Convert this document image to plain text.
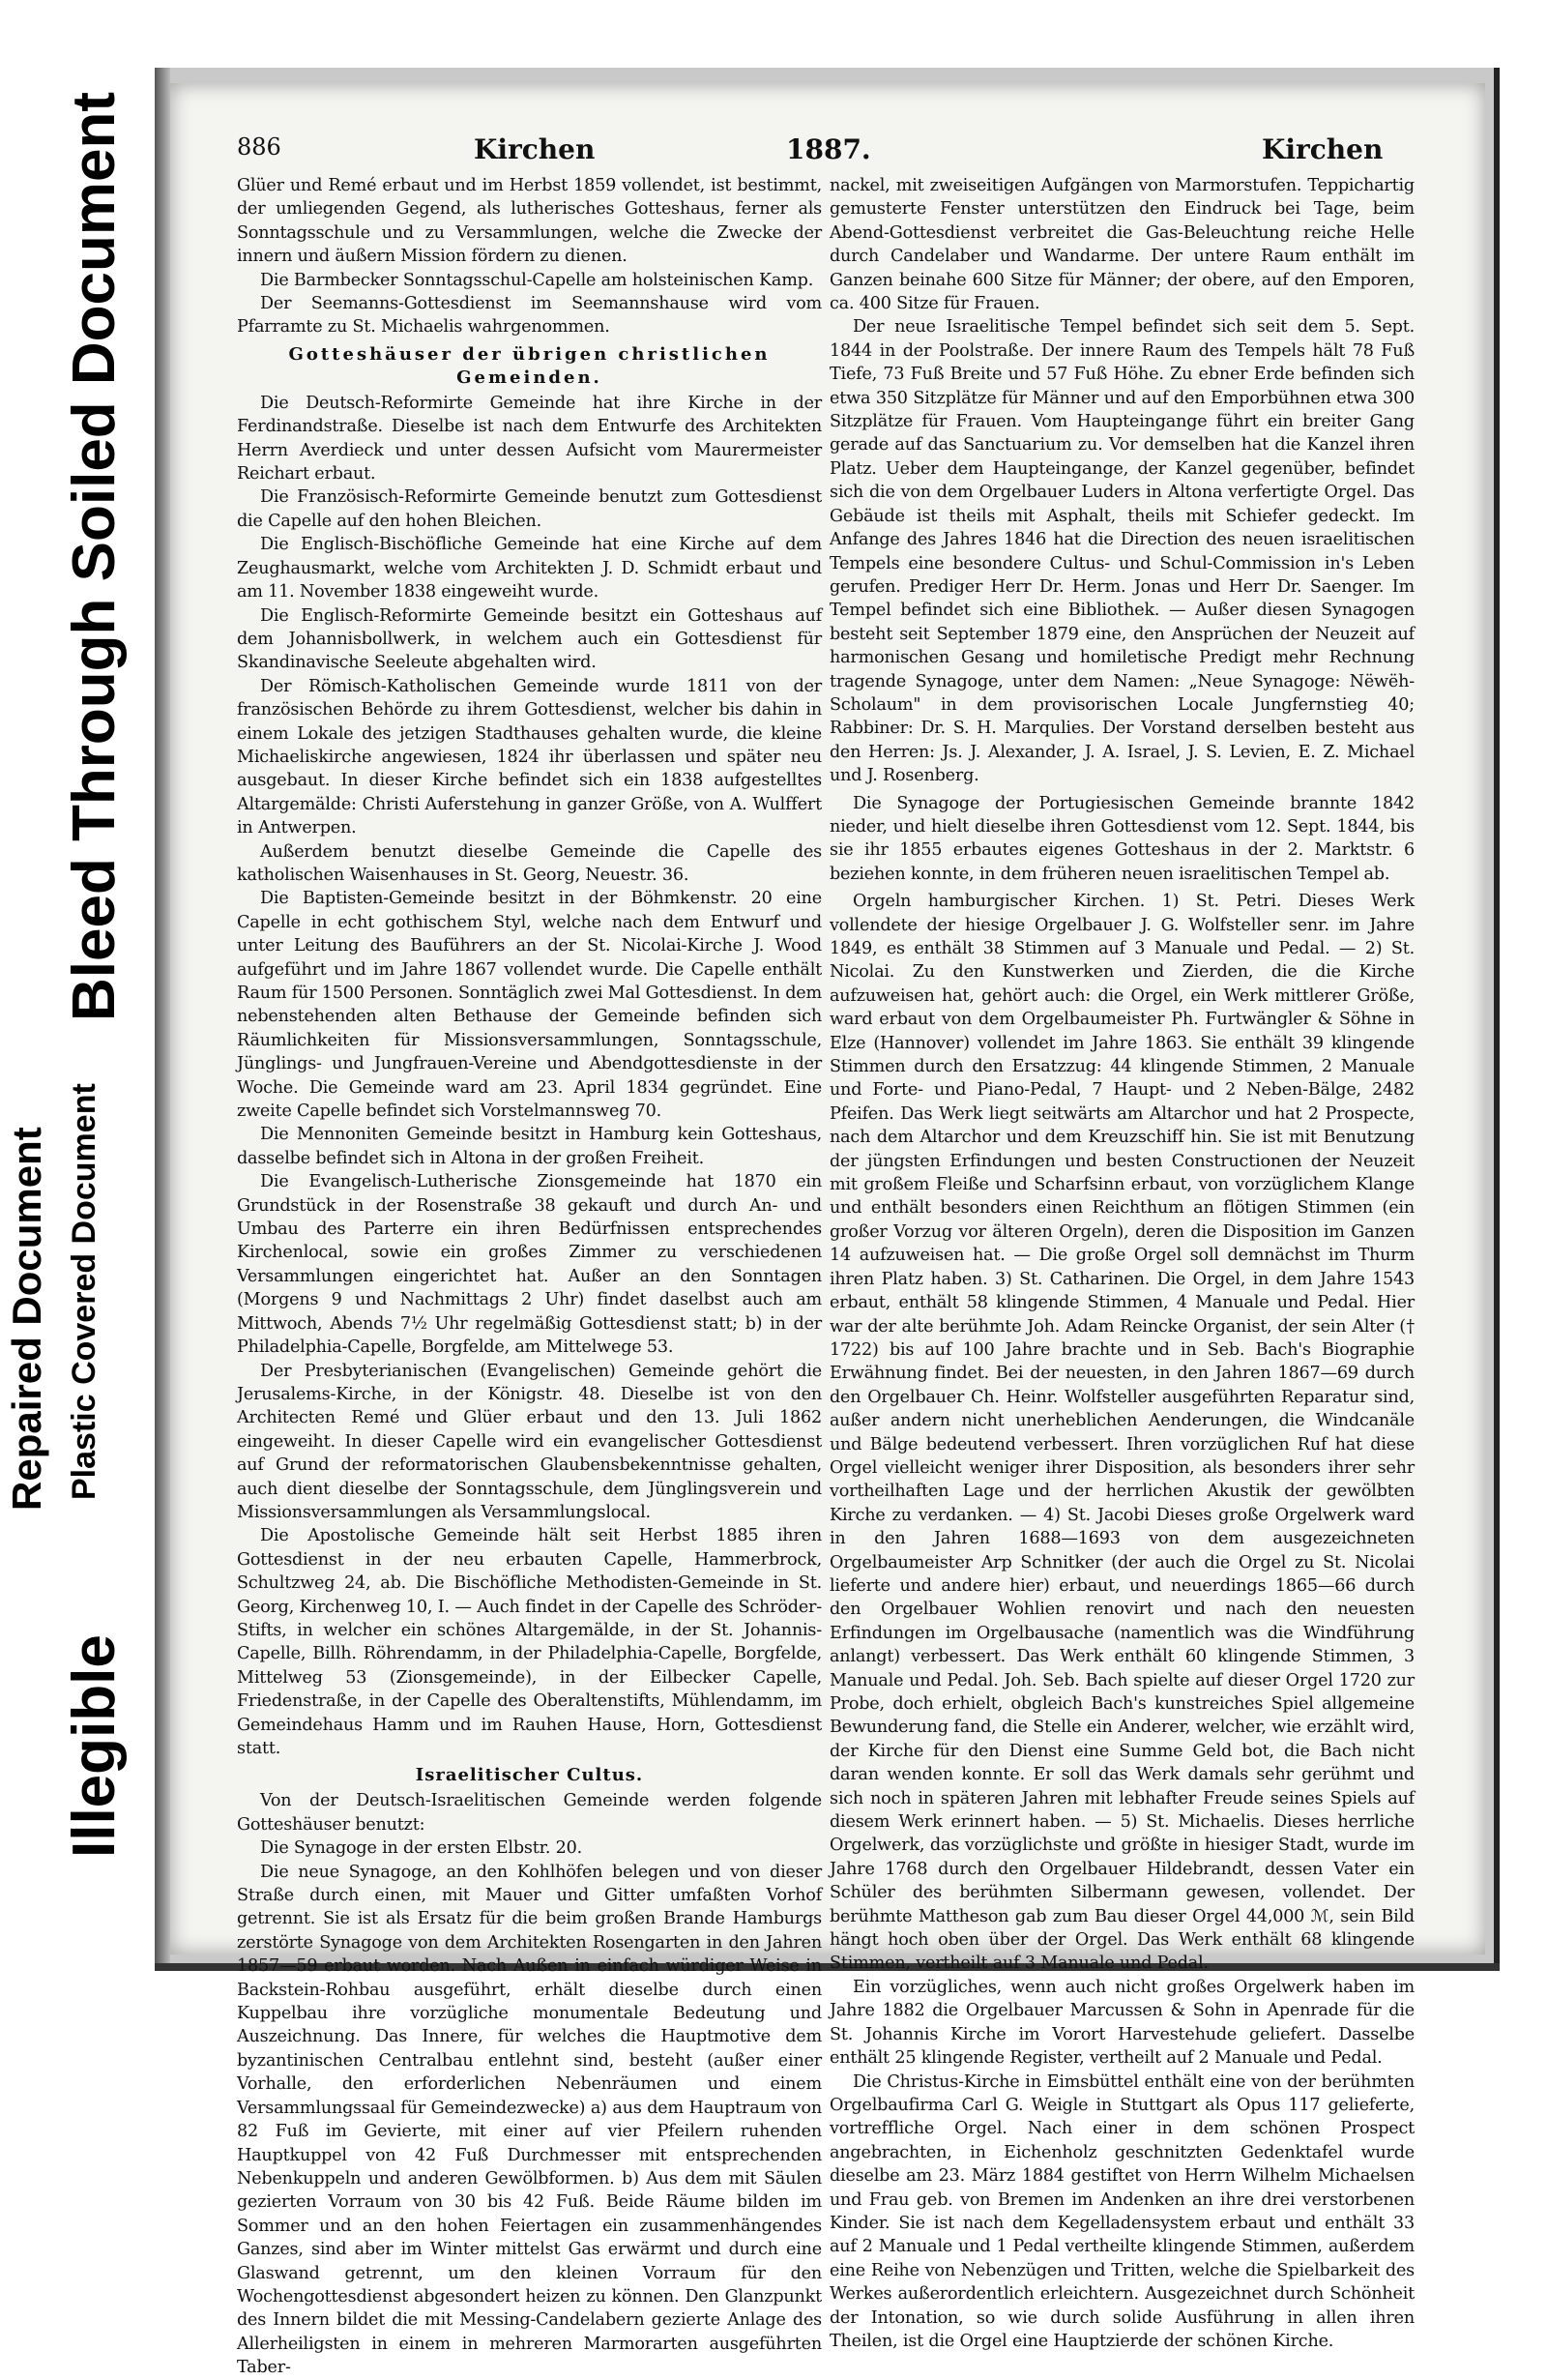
Repaired Document
Bleed Through Soiled Document
Illegible
Plastic Covered Document
886	Kirchen	1887.	Kirchen

Glüer und Remé erbaut und im Herbst 1859 vollendet, ist bestimmt, der umliegenden Gegend, als lutherisches Gotteshaus, ferner als Sonntagsschule und zu Versammlungen, welche die Zwecke der innern und äußern Mission fördern zu dienen.

Die Barmbecker Sonntagsschul-Capelle am holsteinischen Kamp.

Der Seemanns-Gottesdienst im Seemannshause wird vom Pfarramte zu St. Michaelis wahrgenommen.

Gotteshäuser der übrigen christlichen Gemeinden.

Die Deutsch-Reformirte Gemeinde hat ihre Kirche in der Ferdinandstraße. Dieselbe ist nach dem Entwurfe des Architekten Herrn Averdieck und unter dessen Aufsicht vom Maurermeister Reichart erbaut.

Die Französisch-Reformirte Gemeinde benutzt zum Gottesdienst die Capelle auf den hohen Bleichen.

Die Englisch-Bischöfliche Gemeinde hat eine Kirche auf dem Zeughausmarkt, welche vom Architekten J. D. Schmidt erbaut und am 11. November 1838 eingeweiht wurde.

Die Englisch-Reformirte Gemeinde besitzt ein Gotteshaus auf dem Johannisbollwerk, in welchem auch ein Gottesdienst für Skandinavische Seeleute abgehalten wird.

Der Römisch-Katholischen Gemeinde wurde 1811 von der französischen Behörde zu ihrem Gottesdienst, welcher bis dahin in einem Lokale des jetzigen Stadthauses gehalten wurde, die kleine Michaeliskirche angewiesen, 1824 ihr überlassen und später neu ausgebaut. In dieser Kirche befindet sich ein 1838 aufgestelltes Altargemälde: Christi Auferstehung in ganzer Größe, von A. Wulffert in Antwerpen.

Außerdem benutzt dieselbe Gemeinde die Capelle des katholischen Waisenhauses in St. Georg, Neuestr. 36.

Die Baptisten-Gemeinde besitzt in der Böhmkenstr. 20 eine Capelle in echt gothischem Styl, welche nach dem Entwurf und unter Leitung des Bauführers an der St. Nicolai-Kirche J. Wood aufgeführt und im Jahre 1867 vollendet wurde. Die Capelle enthält Raum für 1500 Personen. Sonntäglich zwei Mal Gottesdienst. In dem nebenstehenden alten Bethause der Gemeinde befinden sich Räumlichkeiten für Missionsversammlungen, Sonntagsschule, Jünglings- und Jungfrauen-Vereine und Abendgottesdienste in der Woche. Die Gemeinde ward am 23. April 1834 gegründet. Eine zweite Capelle befindet sich Vorstelmannsweg 70.

Die Mennoniten Gemeinde besitzt in Hamburg kein Gotteshaus, dasselbe befindet sich in Altona in der großen Freiheit.

Die Evangelisch-Lutherische Zionsgemeinde hat 1870 ein Grundstück in der Rosenstraße 38 gekauft und durch An- und Umbau des Parterre ein ihren Bedürfnissen entsprechendes Kirchenlocal, sowie ein großes Zimmer zu verschiedenen Versammlungen eingerichtet hat. Außer an den Sonntagen (Morgens 9 und Nachmittags 2 Uhr) findet daselbst auch am Mittwoch, Abends 7½ Uhr regelmäßig Gottesdienst statt; b) in der Philadelphia-Capelle, Borgfelde, am Mittelwege 53.

Der Presbyterianischen (Evangelischen) Gemeinde gehört die Jerusalems-Kirche, in der Königstr. 48. Dieselbe ist von den Architecten Remé und Glüer erbaut und den 13. Juli 1862 eingeweiht. In dieser Capelle wird ein evangelischer Gottesdienst auf Grund der reformatorischen Glaubensbekenntnisse gehalten, auch dient dieselbe der Sonntagsschule, dem Jünglingsverein und Missionsversammlungen als Versammlungslocal.

Die Apostolische Gemeinde hält seit Herbst 1885 ihren Gottesdienst in der neu erbauten Capelle, Hammerbrock, Schultzweg 24, ab. Die Bischöfliche Methodisten-Gemeinde in St. Georg, Kirchenweg 10, I. — Auch findet in der Capelle des Schröder-Stifts, in welcher ein schönes Altargemälde, in der St. Johannis-Capelle, Billh. Röhrendamm, in der Philadelphia-Capelle, Borgfelde, Mittelweg 53 (Zionsgemeinde), in der Eilbecker Capelle, Friedenstraße, in der Capelle des Oberaltenstifts, Mühlendamm, im Gemeindehaus Hamm und im Rauhen Hause, Horn, Gottesdienst statt.

Israelitischer Cultus.

Von der Deutsch-Israelitischen Gemeinde werden folgende Gotteshäuser benutzt:

Die Synagoge in der ersten Elbstr. 20.

Die neue Synagoge, an den Kohlhöfen belegen und von dieser Straße durch einen, mit Mauer und Gitter umfaßten Vorhof getrennt. Sie ist als Ersatz für die beim großen Brande Hamburgs zerstörte Synagoge von dem Architekten Rosengarten in den Jahren 1857—59 erbaut worden. Nach Außen in einfach würdiger Weise in Backstein-Rohbau ausgeführt, erhält dieselbe durch einen Kuppelbau ihre vorzügliche monumentale Bedeutung und Auszeichnung. Das Innere, für welches die Hauptmotive dem byzantinischen Centralbau entlehnt sind, besteht (außer einer Vorhalle, den erforderlichen Nebenräumen und einem Versammlungssaal für Gemeindezwecke) a) aus dem Hauptraum von 82 Fuß im Gevierte, mit einer auf vier Pfeilern ruhenden Hauptkuppel von 42 Fuß Durchmesser mit entsprechenden Nebenkuppeln und anderen Gewölbformen. b) Aus dem mit Säulen gezierten Vorraum von 30 bis 42 Fuß. Beide Räume bilden im Sommer und an den hohen Feiertagen ein zusammenhängendes Ganzes, sind aber im Winter mittelst Gas erwärmt und durch eine Glaswand getrennt, um den kleinen Vorraum für den Wochengottesdienst abgesondert heizen zu können. Den Glanzpunkt des Innern bildet die mit Messing-Candelabern gezierte Anlage des Allerheiligsten in einem in mehreren Marmorarten ausgeführten Taber-

nackel, mit zweiseitigen Aufgängen von Marmorstufen. Teppichartig gemusterte Fenster unterstützen den Eindruck bei Tage, beim Abend-Gottesdienst verbreitet die Gas-Beleuchtung reiche Helle durch Candelaber und Wandarme. Der untere Raum enthält im Ganzen beinahe 600 Sitze für Männer; der obere, auf den Emporen, ca. 400 Sitze für Frauen.

Der neue Israelitische Tempel befindet sich seit dem 5. Sept. 1844 in der Poolstraße. Der innere Raum des Tempels hält 78 Fuß Tiefe, 73 Fuß Breite und 57 Fuß Höhe. Zu ebner Erde befinden sich etwa 350 Sitzplätze für Männer und auf den Emporbühnen etwa 300 Sitzplätze für Frauen. Vom Haupteingange führt ein breiter Gang gerade auf das Sanctuarium zu. Vor demselben hat die Kanzel ihren Platz. Ueber dem Haupteingange, der Kanzel gegenüber, befindet sich die von dem Orgelbauer Luders in Altona verfertigte Orgel. Das Gebäude ist theils mit Asphalt, theils mit Schiefer gedeckt. Im Anfange des Jahres 1846 hat die Direction des neuen israelitischen Tempels eine besondere Cultus- und Schul-Commission in's Leben gerufen. Prediger Herr Dr. Herm. Jonas und Herr Dr. Saenger. Im Tempel befindet sich eine Bibliothek. — Außer diesen Synagogen besteht seit September 1879 eine, den Ansprüchen der Neuzeit auf harmonischen Gesang und homiletische Predigt mehr Rechnung tragende Synagoge, unter dem Namen: „Neue Synagoge: Nëwëh-Scholaum" in dem provisorischen Locale Jungfernstieg 40; Rabbiner: Dr. S. H. Marqulies. Der Vorstand derselben besteht aus den Herren: Js. J. Alexander, J. A. Israel, J. S. Levien, E. Z. Michael und J. Rosenberg.

Die Synagoge der Portugiesischen Gemeinde brannte 1842 nieder, und hielt dieselbe ihren Gottesdienst vom 12. Sept. 1844, bis sie ihr 1855 erbautes eigenes Gotteshaus in der 2. Marktstr. 6 beziehen konnte, in dem früheren neuen israelitischen Tempel ab.

Orgeln hamburgischer Kirchen. 1) St. Petri. Dieses Werk vollendete der hiesige Orgelbauer J. G. Wolfsteller senr. im Jahre 1849, es enthält 38 Stimmen auf 3 Manuale und Pedal. — 2) St. Nicolai. Zu den Kunstwerken und Zierden, die die Kirche aufzuweisen hat, gehört auch: die Orgel, ein Werk mittlerer Größe, ward erbaut von dem Orgelbaumeister Ph. Furtwängler & Söhne in Elze (Hannover) vollendet im Jahre 1863. Sie enthält 39 klingende Stimmen durch den Ersatzzug: 44 klingende Stimmen, 2 Manuale und Forte- und Piano-Pedal, 7 Haupt- und 2 Neben-Bälge, 2482 Pfeifen. Das Werk liegt seitwärts am Altarchor und hat 2 Prospecte, nach dem Altarchor und dem Kreuzschiff hin. Sie ist mit Benutzung der jüngsten Erfindungen und besten Constructionen der Neuzeit mit großem Fleiße und Scharfsinn erbaut, von vorzüglichem Klange und enthält besonders einen Reichthum an flötigen Stimmen (ein großer Vorzug vor älteren Orgeln), deren die Disposition im Ganzen 14 aufzuweisen hat. — Die große Orgel soll demnächst im Thurm ihren Platz haben. 3) St. Catharinen. Die Orgel, in dem Jahre 1543 erbaut, enthält 58 klingende Stimmen, 4 Manuale und Pedal. Hier war der alte berühmte Joh. Adam Reincke Organist, der sein Alter († 1722) bis auf 100 Jahre brachte und in Seb. Bach's Biographie Erwähnung findet. Bei der neuesten, in den Jahren 1867—69 durch den Orgelbauer Ch. Heinr. Wolfsteller ausgeführten Reparatur sind, außer andern nicht unerheblichen Aenderungen, die Windcanäle und Bälge bedeutend verbessert. Ihren vorzüglichen Ruf hat diese Orgel vielleicht weniger ihrer Disposition, als besonders ihrer sehr vortheilhaften Lage und der herrlichen Akustik der gewölbten Kirche zu verdanken. — 4) St. Jacobi Dieses große Orgelwerk ward in den Jahren 1688—1693 von dem ausgezeichneten Orgelbaumeister Arp Schnitker (der auch die Orgel zu St. Nicolai lieferte und andere hier) erbaut, und neuerdings 1865—66 durch den Orgelbauer Wohlien renovirt und nach den neuesten Erfindungen im Orgelbausache (namentlich was die Windführung anlangt) verbessert. Das Werk enthält 60 klingende Stimmen, 3 Manuale und Pedal. Joh. Seb. Bach spielte auf dieser Orgel 1720 zur Probe, doch erhielt, obgleich Bach's kunstreiches Spiel allgemeine Bewunderung fand, die Stelle ein Anderer, welcher, wie erzählt wird, der Kirche für den Dienst eine Summe Geld bot, die Bach nicht daran wenden konnte. Er soll das Werk damals sehr gerühmt und sich noch in späteren Jahren mit lebhafter Freude seines Spiels auf diesem Werk erinnert haben. — 5) St. Michaelis. Dieses herrliche Orgelwerk, das vorzüglichste und größte in hiesiger Stadt, wurde im Jahre 1768 durch den Orgelbauer Hildebrandt, dessen Vater ein Schüler des berühmten Silbermann gewesen, vollendet. Der berühmte Mattheson gab zum Bau dieser Orgel 44,000 ℳ, sein Bild hängt hoch oben über der Orgel. Das Werk enthält 68 klingende Stimmen, vertheilt auf 3 Manuale und Pedal.

Ein vorzügliches, wenn auch nicht großes Orgelwerk haben im Jahre 1882 die Orgelbauer Marcussen & Sohn in Apenrade für die St. Johannis Kirche im Vorort Harvestehude geliefert. Dasselbe enthält 25 klingende Register, vertheilt auf 2 Manuale und Pedal.

Die Christus-Kirche in Eimsbüttel enthält eine von der berühmten Orgelbaufirma Carl G. Weigle in Stuttgart als Opus 117 gelieferte, vortreffliche Orgel. Nach einer in dem schönen Prospect angebrachten, in Eichenholz geschnitzten Gedenktafel wurde dieselbe am 23. März 1884 gestiftet von Herrn Wilhelm Michaelsen und Frau geb. von Bremen im Andenken an ihre drei verstorbenen Kinder. Sie ist nach dem Kegelladensystem erbaut und enthält 33 auf 2 Manuale und 1 Pedal vertheilte klingende Stimmen, außerdem eine Reihe von Nebenzügen und Tritten, welche die Spielbarkeit des Werkes außerordentlich erleichtern. Ausgezeichnet durch Schönheit der Intonation, so wie durch solide Ausführung in allen ihren Theilen, ist die Orgel eine Hauptzierde der schönen Kirche.
